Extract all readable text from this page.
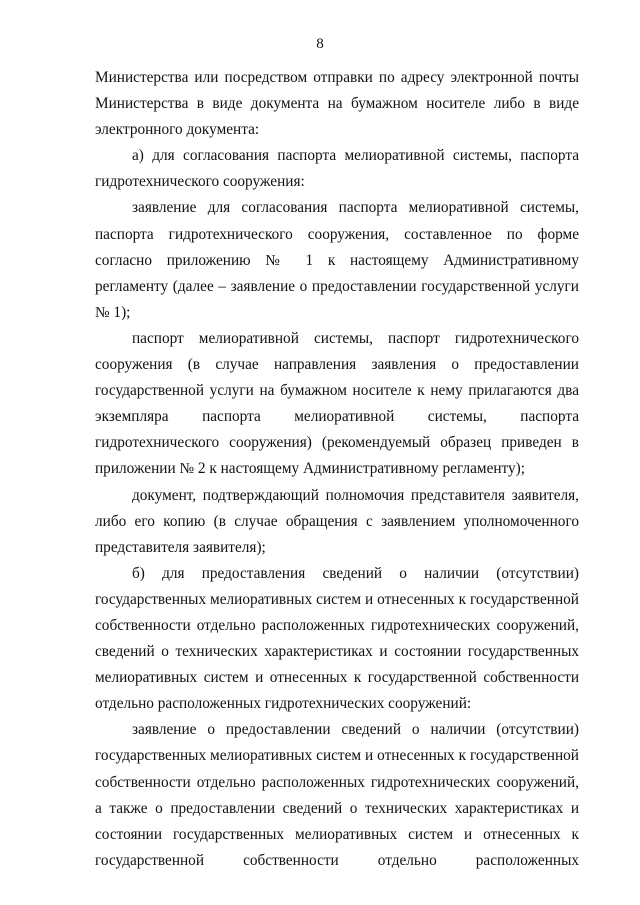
8

Министерства или посредством отправки по адресу электронной почты Министерства в виде документа на бумажном носителе либо в виде электронного документа:

а) для согласования паспорта мелиоративной системы, паспорта гидротехнического сооружения:

заявление для согласования паспорта мелиоративной системы, паспорта гидротехнического сооружения, составленное по форме согласно приложению № 1 к настоящему Административному регламенту (далее – заявление о предоставлении государственной услуги № 1);

паспорт мелиоративной системы, паспорт гидротехнического сооружения (в случае направления заявления о предоставлении государственной услуги на бумажном носителе к нему прилагаются два экземпляра паспорта мелиоративной системы, паспорта гидротехнического сооружения) (рекомендуемый образец приведен в приложении № 2 к настоящему Административному регламенту);

документ, подтверждающий полномочия представителя заявителя, либо его копию (в случае обращения с заявлением уполномоченного представителя заявителя);

б) для предоставления сведений о наличии (отсутствии) государственных мелиоративных систем и отнесенных к государственной собственности отдельно расположенных гидротехнических сооружений, сведений о технических характеристиках и состоянии государственных мелиоративных систем и отнесенных к государственной собственности отдельно расположенных гидротехнических сооружений:

заявление о предоставлении сведений о наличии (отсутствии) государственных мелиоративных систем и отнесенных к государственной собственности отдельно расположенных гидротехнических сооружений, а также о предоставлении сведений о технических характеристиках и состоянии государственных мелиоративных систем и отнесенных к государственной собственности отдельно расположенных
